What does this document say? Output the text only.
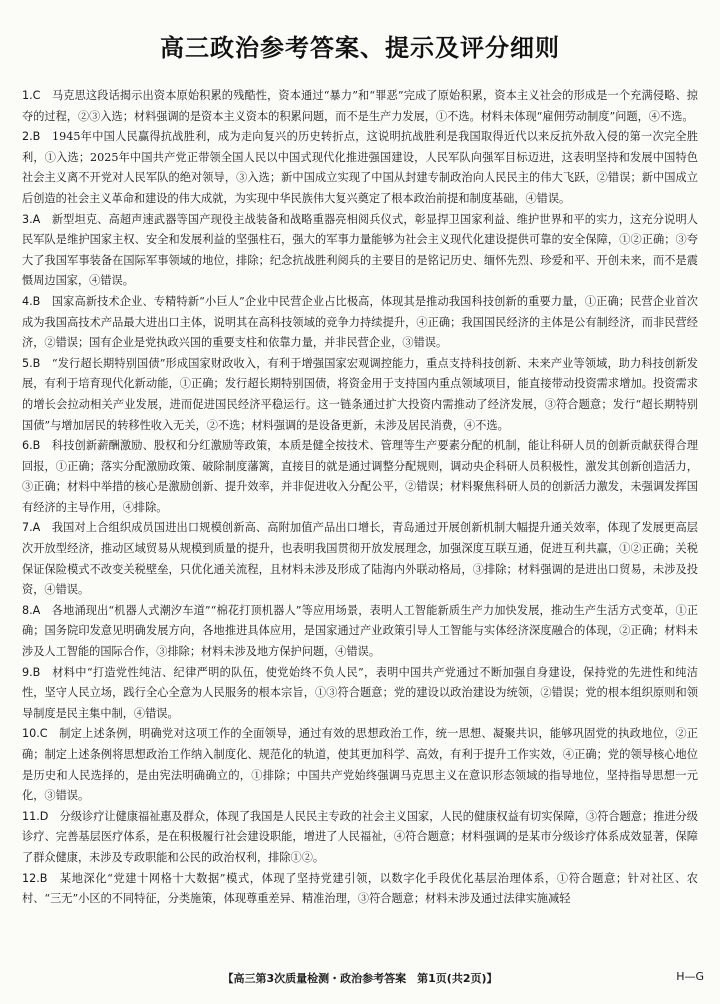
高三政治参考答案、提示及评分细则

1.C　 马克思这段话揭示出资本原始积累的残酷性，资本通过“暴力”和“罪恶”完成了原始积累，资本主义社会的形成是一个充满侵略、掠夺的过程，②③入选；材料强调的是资本主义资本的积累问题，而不是生产力发展，①不选。材料未体现“雇佣劳动制度”问题，④不选。

2.B　 1945年中国人民赢得抗战胜利，成为走向复兴的历史转折点，这说明抗战胜利是我国取得近代以来反抗外敌入侵的第一次完全胜利，①入选；2025年中国共产党正带领全国人民以中国式现代化推进强国建设，人民军队向强军目标迈进，这表明坚持和发展中国特色社会主义离不开党对人民军队的绝对领导，③入选；新中国成立实现了中国从封建专制政治向人民民主的伟大飞跃，②错误；新中国成立后创造的社会主义革命和建设的伟大成就，为实现中华民族伟大复兴奠定了根本政治前提和制度基础，④错误。

3.A　 新型坦克、高超声速武器等国产现役主战装备和战略重器亮相阅兵仪式，彰显捍卫国家利益、维护世界和平的实力，这充分说明人民军队是维护国家主权、安全和发展利益的坚强柱石，强大的军事力量能够为社会主义现代化建设提供可靠的安全保障，①②正确；③夸大了我国军事装备在国际军事领域的地位，排除；纪念抗战胜利阅兵的主要目的是铭记历史、缅怀先烈、珍爱和平、开创未来，而不是震慑周边国家，④错误。

4.B　 国家高新技术企业、专精特新“小巨人”企业中民营企业占比极高，体现其是推动我国科技创新的重要力量，①正确；民营企业首次成为我国高技术产品最大进出口主体，说明其在高科技领域的竞争力持续提升，④正确；我国国民经济的主体是公有制经济，而非民营经济，②错误；国有企业是党执政兴国的重要支柱和依靠力量，并非民营企业，③错误。

5.B　 “发行超长期特别国债”形成国家财政收入，有利于增强国家宏观调控能力，重点支持科技创新、未来产业等领域，助力科技创新发展，有利于培育现代化新动能，①正确；发行超长期特别国债，将资金用于支持国内重点领域项目，能直接带动投资需求增加。投资需求的增长会拉动相关产业发展，进而促进国民经济平稳运行。这一链条通过扩大投资内需推动了经济发展，③符合题意；发行“超长期特别国债”与增加居民的转移性收入无关，②不选；材料强调的是设备更新，未涉及居民消费，④不选。

6.B　 科技创新薪酬激励、股权和分红激励等政策，本质是健全按技术、管理等生产要素分配的机制，能让科研人员的创新贡献获得合理回报，①正确；落实分配激励政策、破除制度藩篱，直接目的就是通过调整分配规则，调动央企科研人员积极性，激发其创新创造活力，③正确；材料中举措的核心是激励创新、提升效率，并非促进收入分配公平，②错误；材料聚焦科研人员的创新活力激发，未强调发挥国有经济的主导作用，④排除。

7.A　 我国对上合组织成员国进出口规模创新高、高附加值产品出口增长，青岛通过开展创新机制大幅提升通关效率，体现了发展更高层次开放型经济，推动区域贸易从规模到质量的提升，也表明我国贯彻开放发展理念，加强深度互联互通，促进互利共赢，①②正确；关税保证保险模式不改变关税壁垒，只优化通关流程，且材料未涉及形成了陆海内外联动格局，③排除；材料强调的是进出口贸易，未涉及投资，④错误。

8.A　 各地涌现出“机器人式潮汐车道”“棉花打顶机器人”等应用场景，表明人工智能新质生产力加快发展，推动生产生活方式变革，①正确；国务院印发意见明确发展方向，各地推进具体应用，是国家通过产业政策引导人工智能与实体经济深度融合的体现，②正确；材料未涉及人工智能的国际合作，③排除；材料未涉及地方保护问题，④错误。

9.B　 材料中“打造党性纯洁、纪律严明的队伍，使党始终不负人民”，表明中国共产党通过不断加强自身建设，保持党的先进性和纯洁性，坚守人民立场，践行全心全意为人民服务的根本宗旨，①③符合题意；党的建设以政治建设为统领，②错误；党的根本组织原则和领导制度是民主集中制，④错误。

10.C　 制定上述条例，明确党对这项工作的全面领导，通过有效的思想政治工作，统一思想、凝聚共识，能够巩固党的执政地位，②正确；制定上述条例将思想政治工作纳入制度化、规范化的轨道，使其更加科学、高效，有利于提升工作实效，④正确；党的领导核心地位是历史和人民选择的，是由宪法明确确立的，①排除；中国共产党始终强调马克思主义在意识形态领域的指导地位，坚持指导思想一元化，③错误。

11.D　 分级诊疗让健康福祉惠及群众，体现了我国是人民民主专政的社会主义国家，人民的健康权益有切实保障，③符合题意；推进分级诊疗、完善基层医疗体系，是在积极履行社会建设职能，增进了人民福祉，④符合题意；材料强调的是某市分级诊疗体系成效显著，保障了群众健康，未涉及专政职能和公民的政治权利，排除①②。

12.B　 某地深化“党建十网格十大数据”模式，体现了坚持党建引领，以数字化手段优化基层治理体系，①符合题意；针对社区、农村、“三无”小区的不同特征，分类施策，体现尊重差异、精准治理，③符合题意；材料未涉及通过法律实施减轻

【高三第3次质量检测・政治参考答案　第1页(共2页)】	H—G
